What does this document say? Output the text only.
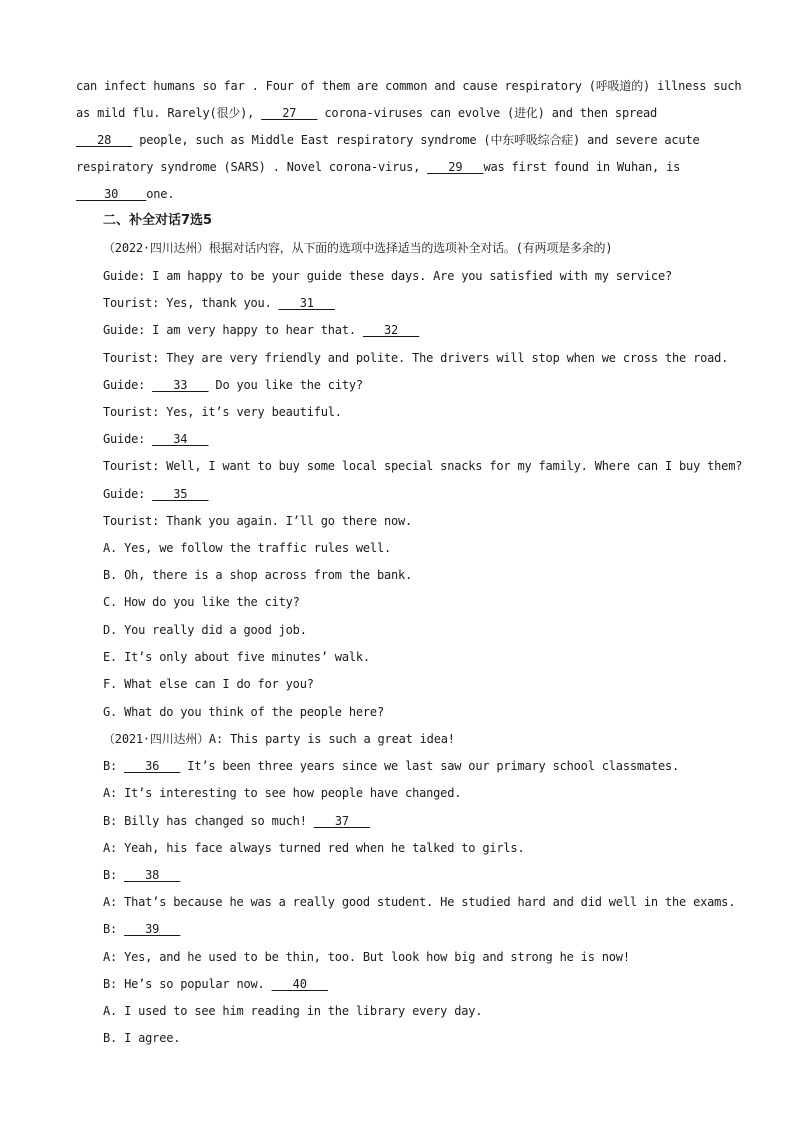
can infect humans so far . Four of them are common and cause respiratory (呼吸道的) illness such
as mild flu. Rarely(很少), ___27___ corona-viruses can evolve (进化) and then spread
___28___ people, such as Middle East respiratory syndrome (中东呼吸综合症) and severe acute
respiratory syndrome (SARS) . Novel corona-virus, ___29___was first found in Wuhan, is
____30____one.
二、补全对话7选5
（2022·四川达州）根据对话内容，从下面的选项中选择适当的选项补全对话。(有两项是多余的)
Guide: I am happy to be your guide these days. Are you satisfied with my service?
Tourist: Yes, thank you. ___31___
Guide: I am very happy to hear that. ___32___
Tourist: They are very friendly and polite. The drivers will stop when we cross the road.
Guide: ___33___ Do you like the city?
Tourist: Yes, it’s very beautiful.
Guide: ___34___
Tourist: Well, I want to buy some local special snacks for my family. Where can I buy them?
Guide: ___35___
Tourist: Thank you again. I’ll go there now.
A. Yes, we follow the traffic rules well.
B. Oh, there is a shop across from the bank.
C. How do you like the city?
D. You really did a good job.
E. It’s only about five minutes’ walk.
F. What else can I do for you?
G. What do you think of the people here?
（2021·四川达州）A: This party is such a great idea!
B: ___36___ It’s been three years since we last saw our primary school classmates.
A: It’s interesting to see how people have changed.
B: Billy has changed so much! ___37___
A: Yeah, his face always turned red when he talked to girls.
B: ___38___
A: That’s because he was a really good student. He studied hard and did well in the exams.
B: ___39___
A: Yes, and he used to be thin, too. But look how big and strong he is now!
B: He’s so popular now. ___40___
A. I used to see him reading in the library every day.
B. I agree.
